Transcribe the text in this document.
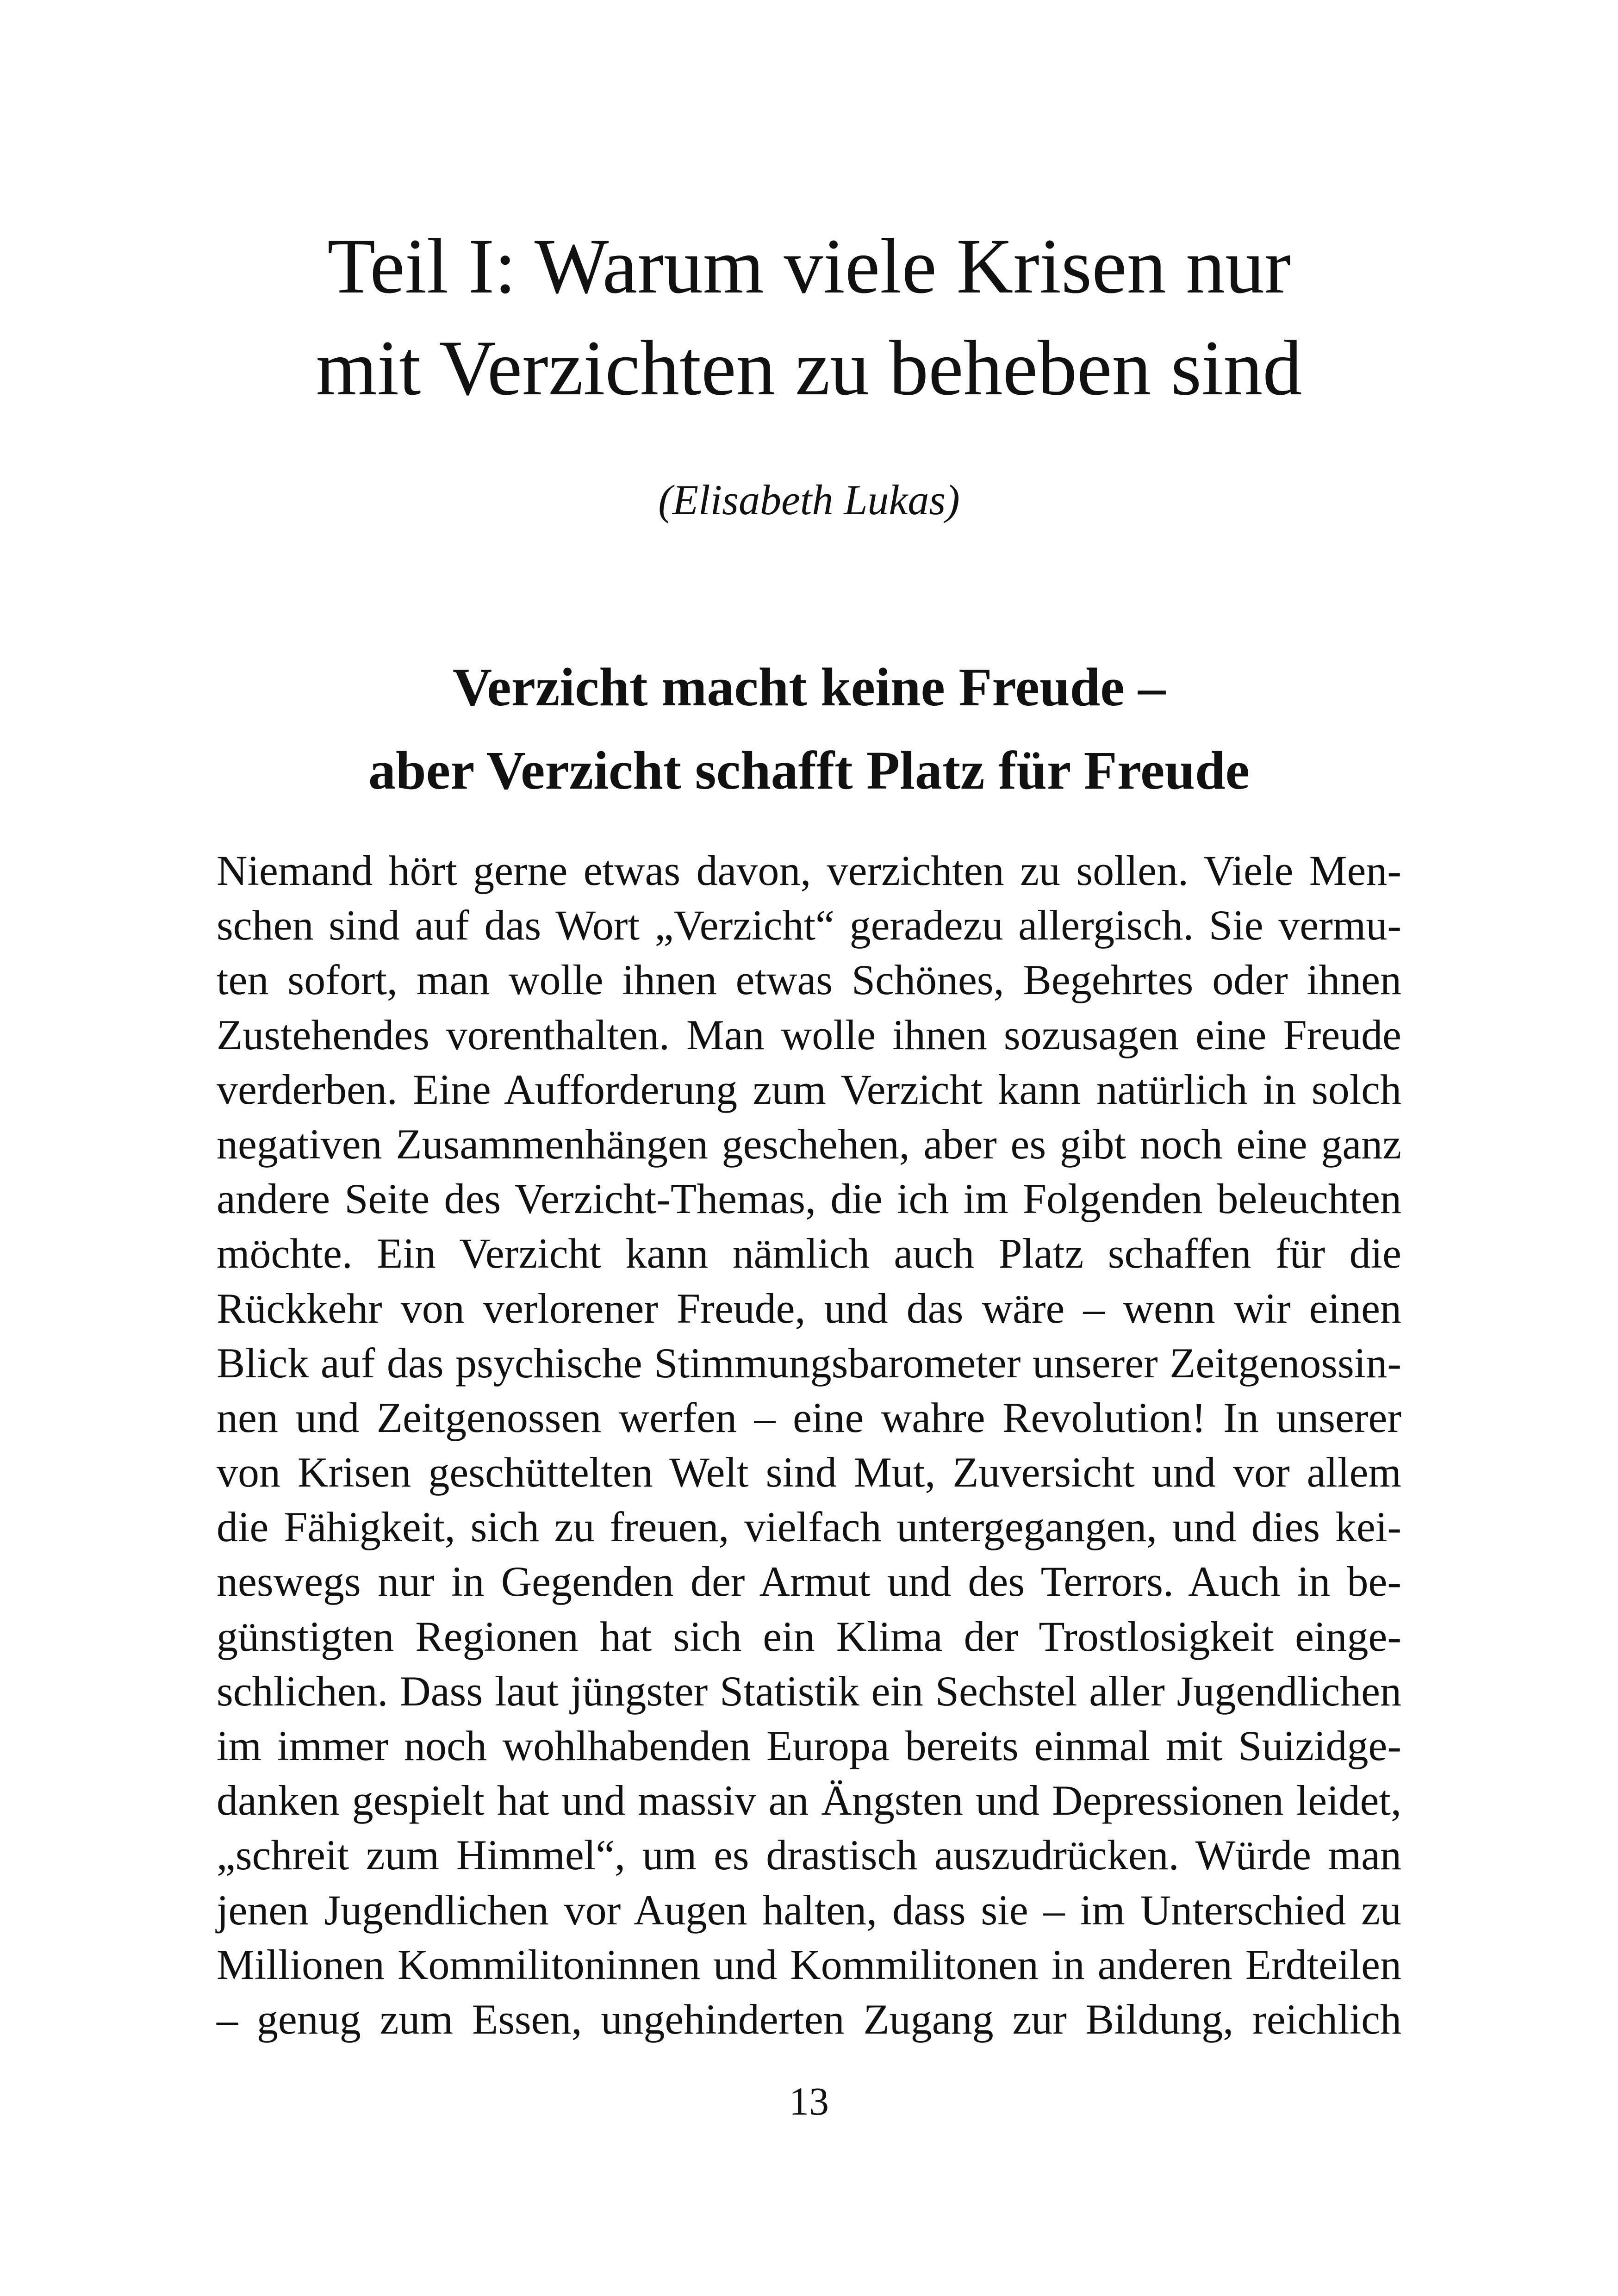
Teil I: Warum viele Krisen nur
mit Verzichten zu beheben sind

(Elisabeth Lukas)

Verzicht macht keine Freude –
aber Verzicht schafft Platz für Freude
Niemand hört gerne etwas davon, verzichten zu sollen. Viele Men-
schen sind auf das Wort „Verzicht“ geradezu allergisch. Sie vermu-
ten sofort, man wolle ihnen etwas Schönes, Begehrtes oder ihnen
Zustehendes vorenthalten. Man wolle ihnen sozusagen eine Freude
verderben. Eine Aufforderung zum Verzicht kann natürlich in solch
negativen Zusammenhängen geschehen, aber es gibt noch eine ganz
andere Seite des Verzicht-Themas, die ich im Folgenden beleuchten
möchte. Ein Verzicht kann nämlich auch Platz schaffen für die
Rückkehr von verlorener Freude, und das wäre – wenn wir einen
Blick auf das psychische Stimmungsbarometer unserer Zeitgenossin-
nen und Zeitgenossen werfen – eine wahre Revolution! In unserer
von Krisen geschüttelten Welt sind Mut, Zuversicht und vor allem
die Fähigkeit, sich zu freuen, vielfach untergegangen, und dies kei-
neswegs nur in Gegenden der Armut und des Terrors. Auch in be-
günstigten Regionen hat sich ein Klima der Trostlosigkeit einge-
schlichen. Dass laut jüngster Statistik ein Sechstel aller Jugendlichen
im immer noch wohlhabenden Europa bereits einmal mit Suizidge-
danken gespielt hat und massiv an Ängsten und Depressionen leidet,
„schreit zum Himmel“, um es drastisch auszudrücken. Würde man
jenen Jugendlichen vor Augen halten, dass sie – im Unterschied zu
Millionen Kommilitoninnen und Kommilitonen in anderen Erdteilen
– genug zum Essen, ungehinderten Zugang zur Bildung, reichlich

13
